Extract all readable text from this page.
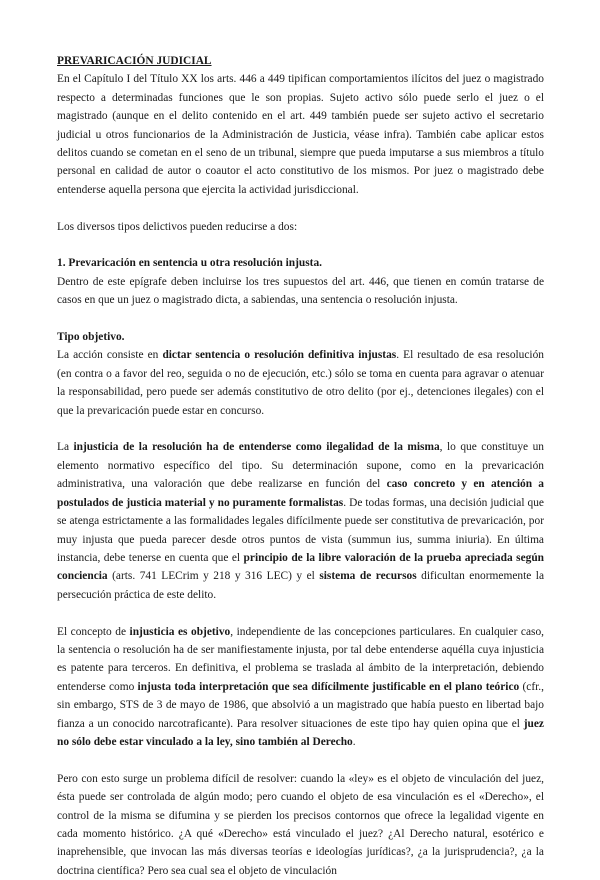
PREVARICACIÓN JUDICIAL

En el Capítulo I del Título XX los arts. 446 a 449 tipifican comportamientos ilícitos del juez o magistrado respecto a determinadas funciones que le son propias. Sujeto activo sólo puede serlo el juez o el magistrado (aunque en el delito contenido en el art. 449 también puede ser sujeto activo el secretario judicial u otros funcionarios de la Administración de Justicia, véase infra). También cabe aplicar estos delitos cuando se cometan en el seno de un tribunal, siempre que pueda imputarse a sus miembros a título personal en calidad de autor o coautor el acto constitutivo de los mismos. Por juez o magistrado debe entenderse aquella persona que ejercita la actividad jurisdiccional.

Los diversos tipos delictivos pueden reducirse a dos:

1. Prevaricación en sentencia u otra resolución injusta.

Dentro de este epígrafe deben incluirse los tres supuestos del art. 446, que tienen en común tratarse de casos en que un juez o magistrado dicta, a sabiendas, una sentencia o resolución injusta.

Tipo objetivo.

La acción consiste en dictar sentencia o resolución definitiva injustas. El resultado de esa resolución (en contra o a favor del reo, seguida o no de ejecución, etc.) sólo se toma en cuenta para agravar o atenuar la responsabilidad, pero puede ser además constitutivo de otro delito (por ej., detenciones ilegales) con el que la prevaricación puede estar en concurso.

La injusticia de la resolución ha de entenderse como ilegalidad de la misma, lo que constituye un elemento normativo específico del tipo. Su determinación supone, como en la prevaricación administrativa, una valoración que debe realizarse en función del caso concreto y en atención a postulados de justicia material y no puramente formalistas. De todas formas, una decisión judicial que se atenga estrictamente a las formalidades legales difícilmente puede ser constitutiva de prevaricación, por muy injusta que pueda parecer desde otros puntos de vista (summun ius, summa iniuria). En última instancia, debe tenerse en cuenta que el principio de la libre valoración de la prueba apreciada según conciencia (arts. 741 LECrim y 218 y 316 LEC) y el sistema de recursos dificultan enormemente la persecución práctica de este delito.

El concepto de injusticia es objetivo, independiente de las concepciones particulares. En cualquier caso, la sentencia o resolución ha de ser manifiestamente injusta, por tal debe entenderse aquélla cuya injusticia es patente para terceros. En definitiva, el problema se traslada al ámbito de la interpretación, debiendo entenderse como injusta toda interpretación que sea difícilmente justificable en el plano teórico (cfr., sin embargo, STS de 3 de mayo de 1986, que absolvió a un magistrado que había puesto en libertad bajo fianza a un conocido narcotraficante). Para resolver situaciones de este tipo hay quien opina que el juez no sólo debe estar vinculado a la ley, sino también al Derecho.

Pero con esto surge un problema difícil de resolver: cuando la «ley» es el objeto de vinculación del juez, ésta puede ser controlada de algún modo; pero cuando el objeto de esa vinculación es el «Derecho», el control de la misma se difumina y se pierden los precisos contornos que ofrece la legalidad vigente en cada momento histórico. ¿A qué «Derecho» está vinculado el juez? ¿Al Derecho natural, esotérico e inaprehensible, que invocan las más diversas teorías e ideologías jurídicas?, ¿a la jurisprudencia?, ¿a la doctrina científica? Pero sea cual sea el objeto de vinculación
